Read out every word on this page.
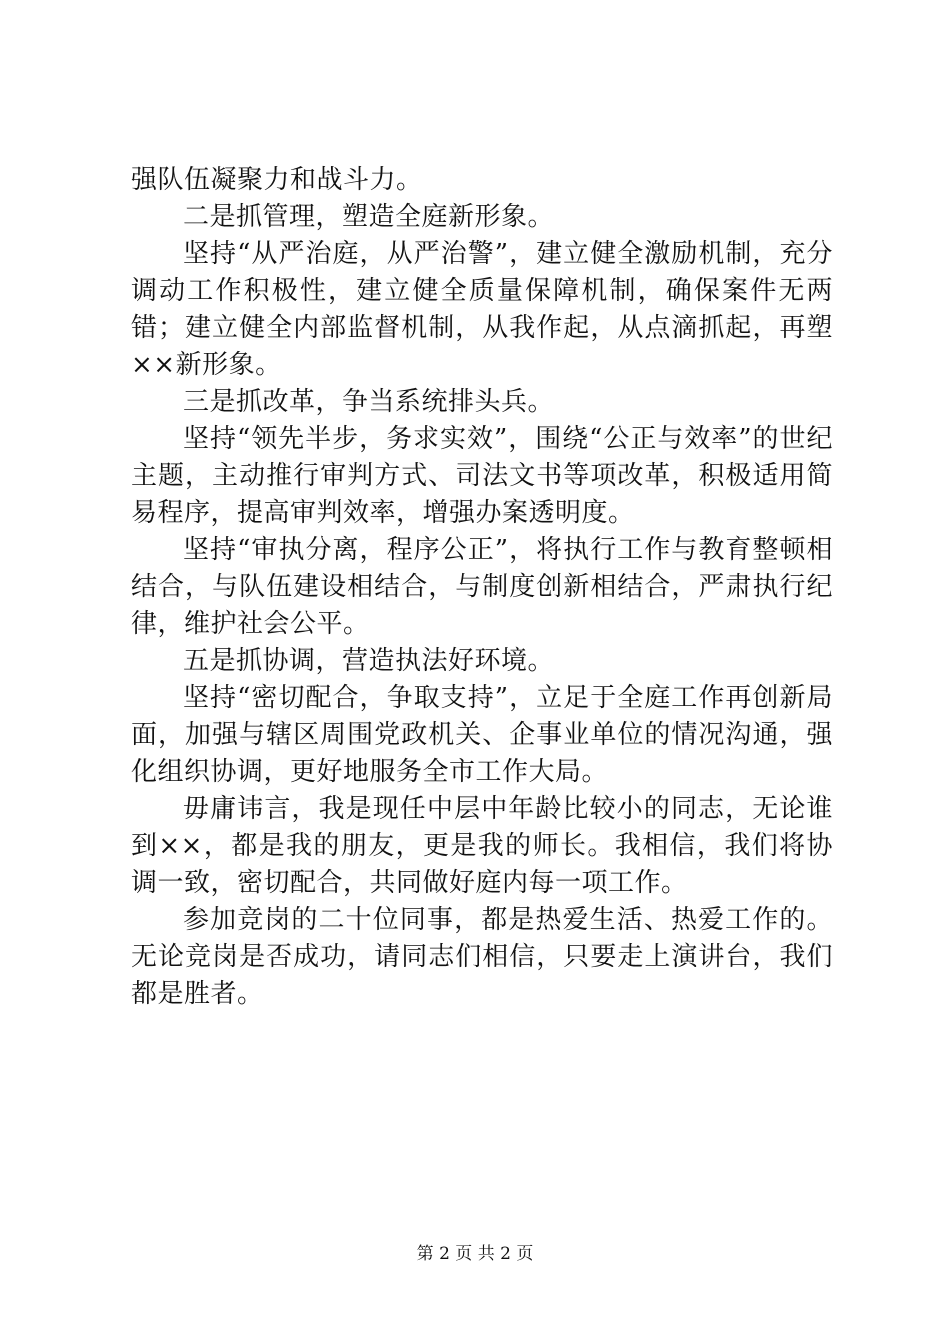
强队伍凝聚力和战斗力。

二是抓管理，塑造全庭新形象。

坚持“从严治庭，从严治警”，建立健全激励机制，充分调动工作积极性，建立健全质量保障机制，确保案件无两错；建立健全内部监督机制，从我作起，从点滴抓起，再塑××新形象。

三是抓改革，争当系统排头兵。

坚持“领先半步，务求实效”，围绕“公正与效率”的世纪主题，主动推行审判方式、司法文书等项改革，积极适用简易程序，提高审判效率，增强办案透明度。

坚持“审执分离，程序公正”，将执行工作与教育整顿相结合，与队伍建设相结合，与制度创新相结合，严肃执行纪律，维护社会公平。

五是抓协调，营造执法好环境。

坚持“密切配合，争取支持”，立足于全庭工作再创新局面，加强与辖区周围党政机关、企事业单位的情况沟通，强化组织协调，更好地服务全市工作大局。

毋庸讳言，我是现任中层中年龄比较小的同志，无论谁到××，都是我的朋友，更是我的师长。我相信，我们将协调一致，密切配合，共同做好庭内每一项工作。

参加竞岗的二十位同事，都是热爱生活、热爱工作的。无论竞岗是否成功，请同志们相信，只要走上演讲台，我们都是胜者。

第 2 页 共 2 页
